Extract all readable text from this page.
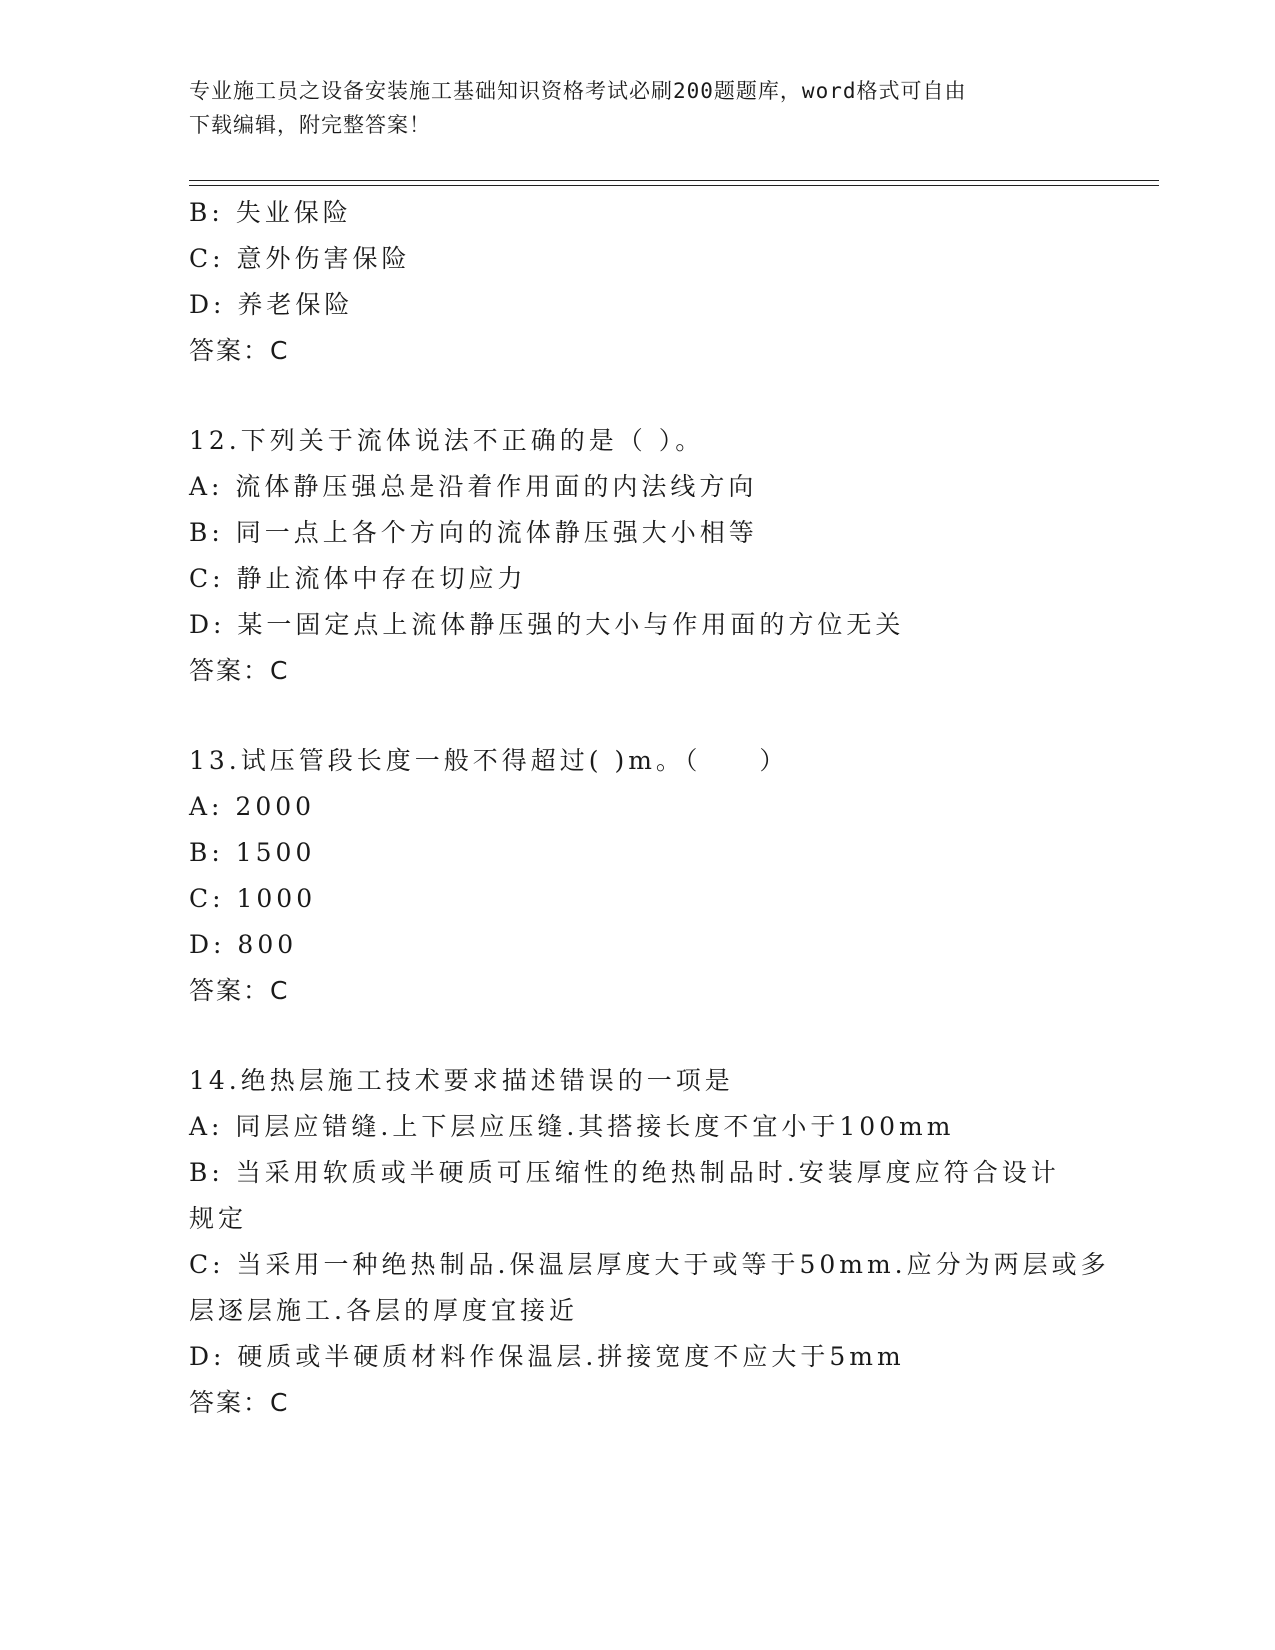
专业施工员之设备安装施工基础知识资格考试必刷200题题库，word格式可自由
下载编辑，附完整答案！
B: 失业保险
C: 意外伤害保险
D: 养老保险
答案：C
12.下列关于流体说法不正确的是（ ）。
A: 流体静压强总是沿着作用面的内法线方向
B: 同一点上各个方向的流体静压强大小相等
C: 静止流体中存在切应力
D: 某一固定点上流体静压强的大小与作用面的方位无关
答案：C
13.试压管段长度一般不得超过( )m。（　　）
A: 2000
B: 1500
C: 1000
D: 800
答案：C
14.绝热层施工技术要求描述错误的一项是
A: 同层应错缝.上下层应压缝.其搭接长度不宜小于100mm
B: 当采用软质或半硬质可压缩性的绝热制品时.安装厚度应符合设计
规定
C: 当采用一种绝热制品.保温层厚度大于或等于50mm.应分为两层或多
层逐层施工.各层的厚度宜接近
D: 硬质或半硬质材料作保温层.拼接宽度不应大于5mm
答案：C
